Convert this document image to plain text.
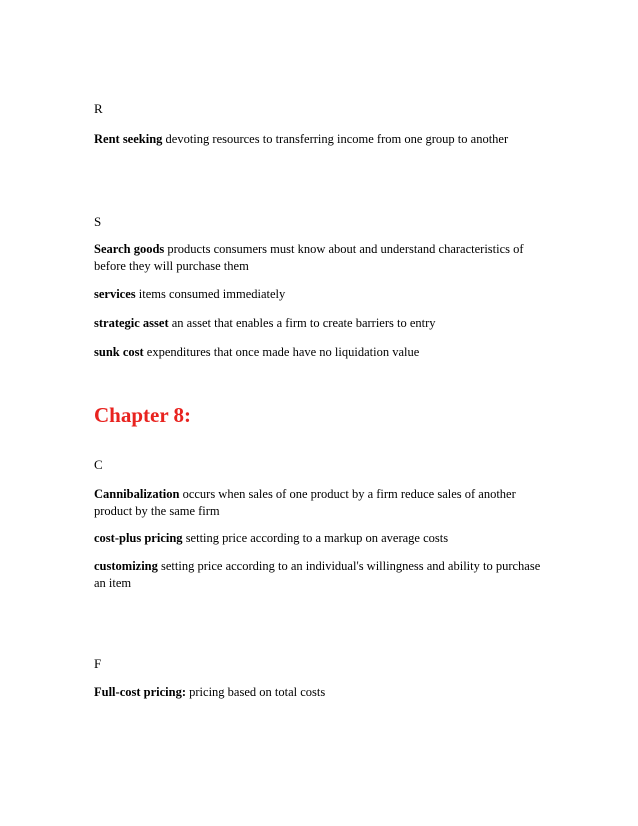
R

Rent seeking devoting resources to transferring income from one group to another

S

Search goods products consumers must know about and understand characteristics of before they will purchase them

services items consumed immediately

strategic asset an asset that enables a firm to create barriers to entry

sunk cost expenditures that once made have no liquidation value

Chapter 8:
C

Cannibalization occurs when sales of one product by a firm reduce sales of another product by the same firm

cost-plus pricing setting price according to a markup on average costs

customizing setting price according to an individual's willingness and ability to purchase an item

F

Full-cost pricing: pricing based on total costs
